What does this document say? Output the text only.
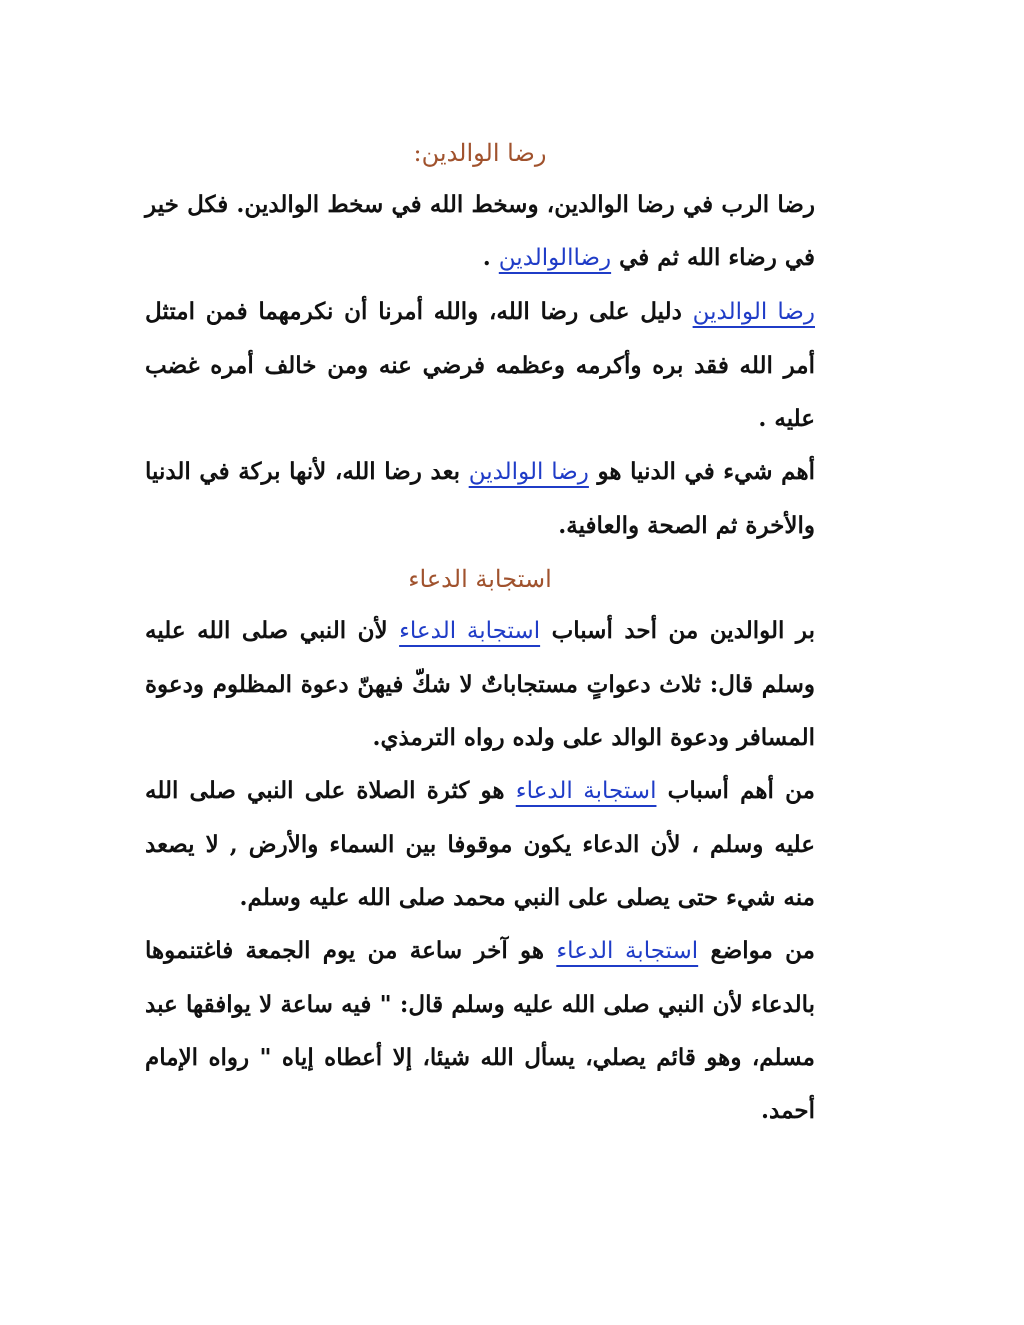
رضا الوالدين:

رضا الرب في رضا الوالدين، وسخط الله في سخط الوالدين. فكل خير في رضاء الله ثم في رضاالوالدين .

رضا الوالدين دليل على رضا الله، والله أمرنا أن نكرمهما فمن امتثل أمر الله فقد بره وأكرمه وعظمه فرضي عنه ومن خالف أمره غضب عليه .

أهم شيء في الدنيا هو رضا الوالدين بعد رضا الله، لأنها بركة في الدنيا والأخرة ثم الصحة والعافية.

استجابة الدعاء

بر الوالدين من أحد أسباب استجابة الدعاء لأن النبي صلى الله عليه وسلم قال: ثلاث دعواتٍ مستجاباتٌ لا شكّ فيهنّ دعوة المظلوم ودعوة المسافر ودعوة الوالد على ولده رواه الترمذي.

من أهم أسباب استجابة الدعاء هو كثرة الصلاة على النبي صلى الله عليه وسلم ، لأن الدعاء يكون موقوفا بين السماء والأرض , لا يصعد منه شيء حتى يصلى على النبي محمد صلى الله عليه وسلم.

من مواضع استجابة الدعاء هو آخر ساعة من يوم الجمعة فاغتنموها بالدعاء لأن النبي صلى الله عليه وسلم قال: " فيه ساعة لا يوافقها عبد مسلم، وهو قائم يصلي، يسأل الله شيئا، إلا أعطاه إياه " رواه الإمام أحمد.
